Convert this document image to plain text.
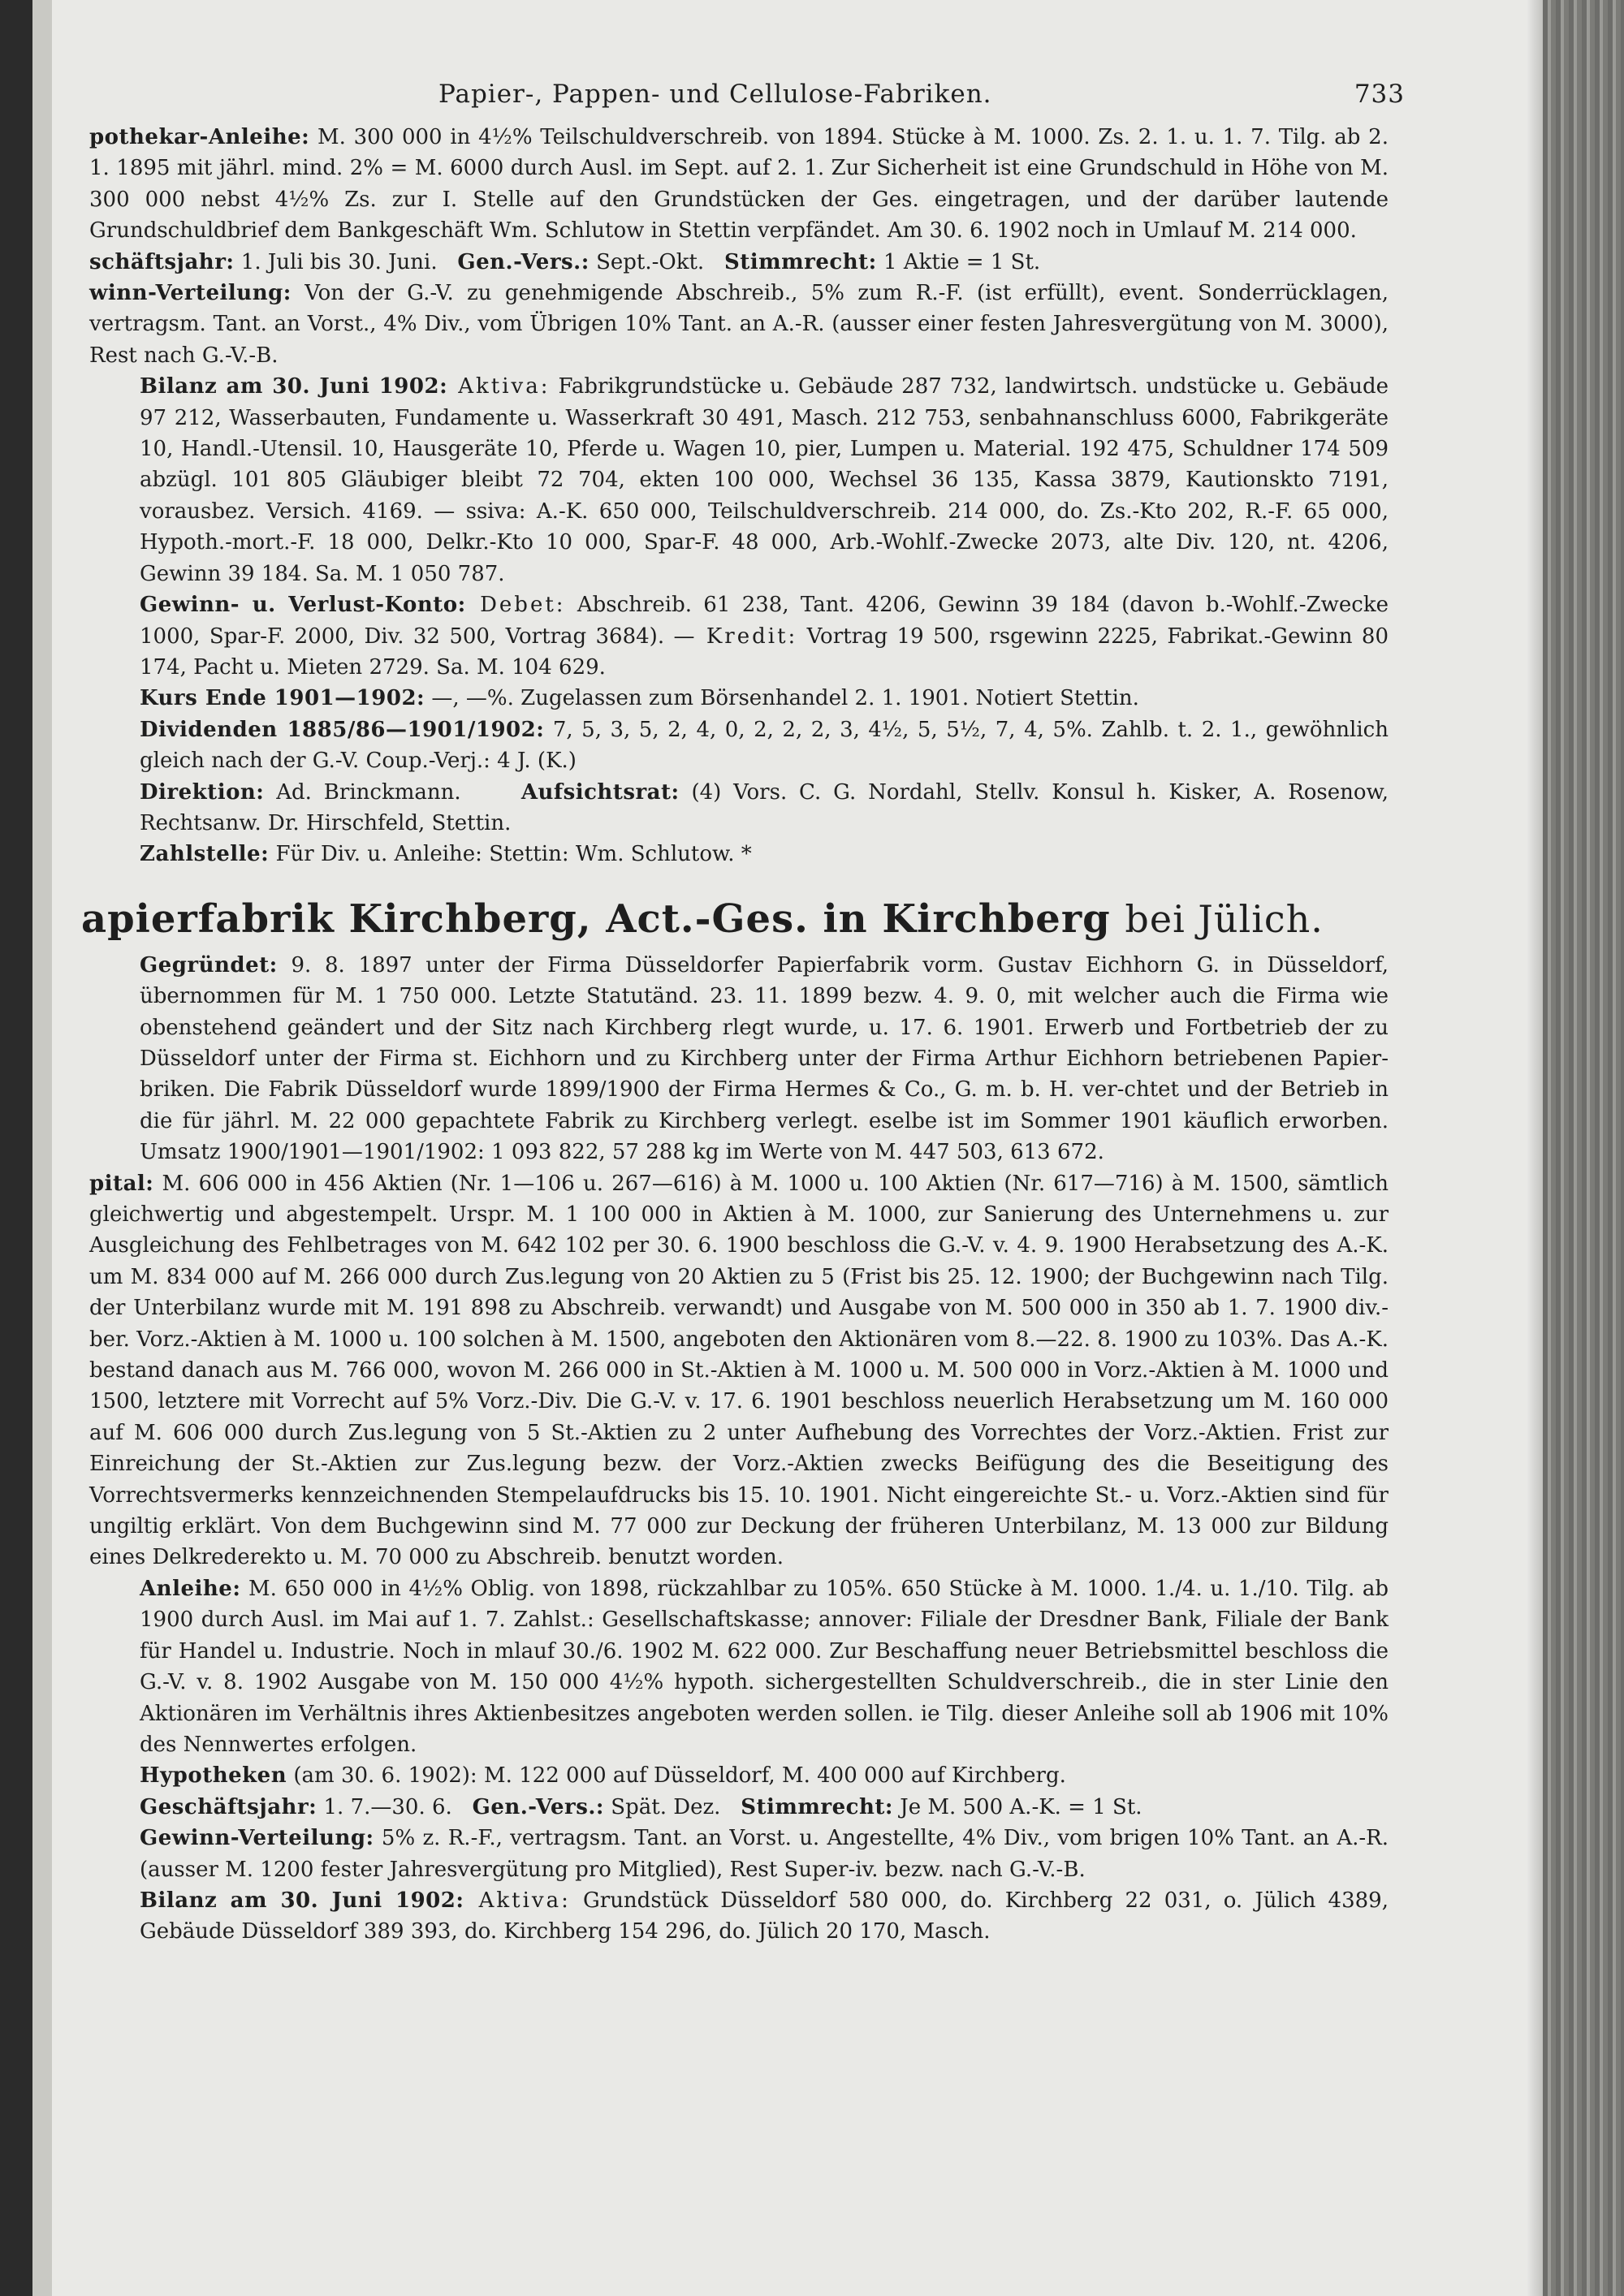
Papier-, Pappen- und Cellulose-Fabriken.	733

pothekar-Anleihe: M. 300 000 in 4½% Teilschuldverschreib. von 1894. Stücke à M. 1000. Zs. 2. 1. u. 1. 7. Tilg. ab 2. 1. 1895 mit jährl. mind. 2% = M. 6000 durch Ausl. im Sept. auf 2. 1. Zur Sicherheit ist eine Grundschuld in Höhe von M. 300 000 nebst 4½% Zs. zur I. Stelle auf den Grundstücken der Ges. eingetragen, und der darüber lautende Grundschuldbrief dem Bankgeschäft Wm. Schlutow in Stettin verpfändet. Am 30. 6. 1902 noch in Umlauf M. 214 000.

schäftsjahr: 1. Juli bis 30. Juni. Gen.-Vers.: Sept.-Okt. Stimmrecht: 1 Aktie = 1 St.

winn-Verteilung: Von der G.-V. zu genehmigende Abschreib., 5% zum R.-F. (ist erfüllt), event. Sonderrücklagen, vertragsm. Tant. an Vorst., 4% Div., vom Übrigen 10% Tant. an A.-R. (ausser einer festen Jahresvergütung von M. 3000), Rest nach G.-V.-B.

Bilanz am 30. Juni 1902: Aktiva: Fabrikgrundstücke u. Gebäude 287 732, landwirtsch. undstücke u. Gebäude 97 212, Wasserbauten, Fundamente u. Wasserkraft 30 491, Masch. 212 753, senbahnanschluss 6000, Fabrikgeräte 10, Handl.-Utensil. 10, Hausgeräte 10, Pferde u. Wagen 10, pier, Lumpen u. Material. 192 475, Schuldner 174 509 abzügl. 101 805 Gläubiger bleibt 72 704, ekten 100 000, Wechsel 36 135, Kassa 3879, Kautionskto 7191, vorausbez. Versich. 4169. — ssiva: A.-K. 650 000, Teilschuldverschreib. 214 000, do. Zs.-Kto 202, R.-F. 65 000, Hypoth.-mort.-F. 18 000, Delkr.-Kto 10 000, Spar-F. 48 000, Arb.-Wohlf.-Zwecke 2073, alte Div. 120, nt. 4206, Gewinn 39 184. Sa. M. 1 050 787.

Gewinn- u. Verlust-Konto: Debet: Abschreib. 61 238, Tant. 4206, Gewinn 39 184 (davon b.-Wohlf.-Zwecke 1000, Spar-F. 2000, Div. 32 500, Vortrag 3684). — Kredit: Vortrag 19 500, rsgewinn 2225, Fabrikat.-Gewinn 80 174, Pacht u. Mieten 2729. Sa. M. 104 629.

Kurs Ende 1901—1902: —, —%. Zugelassen zum Börsenhandel 2. 1. 1901. Notiert Stettin.

Dividenden 1885/86—1901/1902: 7, 5, 3, 5, 2, 4, 0, 2, 2, 2, 3, 4½, 5, 5½, 7, 4, 5%. Zahlb. t. 2. 1., gewöhnlich gleich nach der G.-V. Coup.-Verj.: 4 J. (K.)

Direktion: Ad. Brinckmann.	Aufsichtsrat: (4) Vors. C. G. Nordahl, Stellv. Konsul h. Kisker, A. Rosenow, Rechtsanw. Dr. Hirschfeld, Stettin.

Zahlstelle: Für Div. u. Anleihe: Stettin: Wm. Schlutow. *

apierfabrik Kirchberg, Act.-Ges. in Kirchberg bei Jülich.

Gegründet: 9. 8. 1897 unter der Firma Düsseldorfer Papierfabrik vorm. Gustav Eichhorn G. in Düsseldorf, übernommen für M. 1 750 000. Letzte Statutänd. 23. 11. 1899 bezw. 4. 9. 0, mit welcher auch die Firma wie obenstehend geändert und der Sitz nach Kirchberg rlegt wurde, u. 17. 6. 1901. Erwerb und Fortbetrieb der zu Düsseldorf unter der Firma st. Eichhorn und zu Kirchberg unter der Firma Arthur Eichhorn betriebenen Papier-briken. Die Fabrik Düsseldorf wurde 1899/1900 der Firma Hermes & Co., G. m. b. H. ver-chtet und der Betrieb in die für jährl. M. 22 000 gepachtete Fabrik zu Kirchberg verlegt. eselbe ist im Sommer 1901 käuflich erworben. Umsatz 1900/1901—1901/1902: 1 093 822, 57 288 kg im Werte von M. 447 503, 613 672.

pital: M. 606 000 in 456 Aktien (Nr. 1—106 u. 267—616) à M. 1000 u. 100 Aktien (Nr. 617—716) à M. 1500, sämtlich gleichwertig und abgestempelt. Urspr. M. 1 100 000 in Aktien à M. 1000, zur Sanierung des Unternehmens u. zur Ausgleichung des Fehlbetrages von M. 642 102 per 30. 6. 1900 beschloss die G.-V. v. 4. 9. 1900 Herabsetzung des A.-K. um M. 834 000 auf M. 266 000 durch Zus.legung von 20 Aktien zu 5 (Frist bis 25. 12. 1900; der Buchgewinn nach Tilg. der Unterbilanz wurde mit M. 191 898 zu Abschreib. verwandt) und Ausgabe von M. 500 000 in 350 ab 1. 7. 1900 div.-ber. Vorz.-Aktien à M. 1000 u. 100 solchen à M. 1500, angeboten den Aktionären vom 8.—22. 8. 1900 zu 103%. Das A.-K. bestand danach aus M. 766 000, wovon M. 266 000 in St.-Aktien à M. 1000 u. M. 500 000 in Vorz.-Aktien à M. 1000 und 1500, letztere mit Vorrecht auf 5% Vorz.-Div. Die G.-V. v. 17. 6. 1901 beschloss neuerlich Herabsetzung um M. 160 000 auf M. 606 000 durch Zus.legung von 5 St.-Aktien zu 2 unter Aufhebung des Vorrechtes der Vorz.-Aktien. Frist zur Einreichung der St.-Aktien zur Zus.legung bezw. der Vorz.-Aktien zwecks Beifügung des die Beseitigung des Vorrechtsvermerks kennzeichnenden Stempelaufdrucks bis 15. 10. 1901. Nicht eingereichte St.- u. Vorz.-Aktien sind für ungiltig erklärt. Von dem Buchgewinn sind M. 77 000 zur Deckung der früheren Unterbilanz, M. 13 000 zur Bildung eines Delkrederekto u. M. 70 000 zu Abschreib. benutzt worden.

Anleihe: M. 650 000 in 4½% Oblig. von 1898, rückzahlbar zu 105%. 650 Stücke à M. 1000. 1./4. u. 1./10. Tilg. ab 1900 durch Ausl. im Mai auf 1. 7. Zahlst.: Gesellschaftskasse; annover: Filiale der Dresdner Bank, Filiale der Bank für Handel u. Industrie. Noch in mlauf 30./6. 1902 M. 622 000. Zur Beschaffung neuer Betriebsmittel beschloss die G.-V. v. 8. 1902 Ausgabe von M. 150 000 4½% hypoth. sichergestellten Schuldverschreib., die in ster Linie den Aktionären im Verhältnis ihres Aktienbesitzes angeboten werden sollen. ie Tilg. dieser Anleihe soll ab 1906 mit 10% des Nennwertes erfolgen.

Hypotheken (am 30. 6. 1902): M. 122 000 auf Düsseldorf, M. 400 000 auf Kirchberg.

Geschäftsjahr: 1. 7.—30. 6. Gen.-Vers.: Spät. Dez. Stimmrecht: Je M. 500 A.-K. = 1 St.

Gewinn-Verteilung: 5% z. R.-F., vertragsm. Tant. an Vorst. u. Angestellte, 4% Div., vom brigen 10% Tant. an A.-R. (ausser M. 1200 fester Jahresvergütung pro Mitglied), Rest Super-iv. bezw. nach G.-V.-B.

Bilanz am 30. Juni 1902: Aktiva: Grundstück Düsseldorf 580 000, do. Kirchberg 22 031, o. Jülich 4389, Gebäude Düsseldorf 389 393, do. Kirchberg 154 296, do. Jülich 20 170, Masch.
